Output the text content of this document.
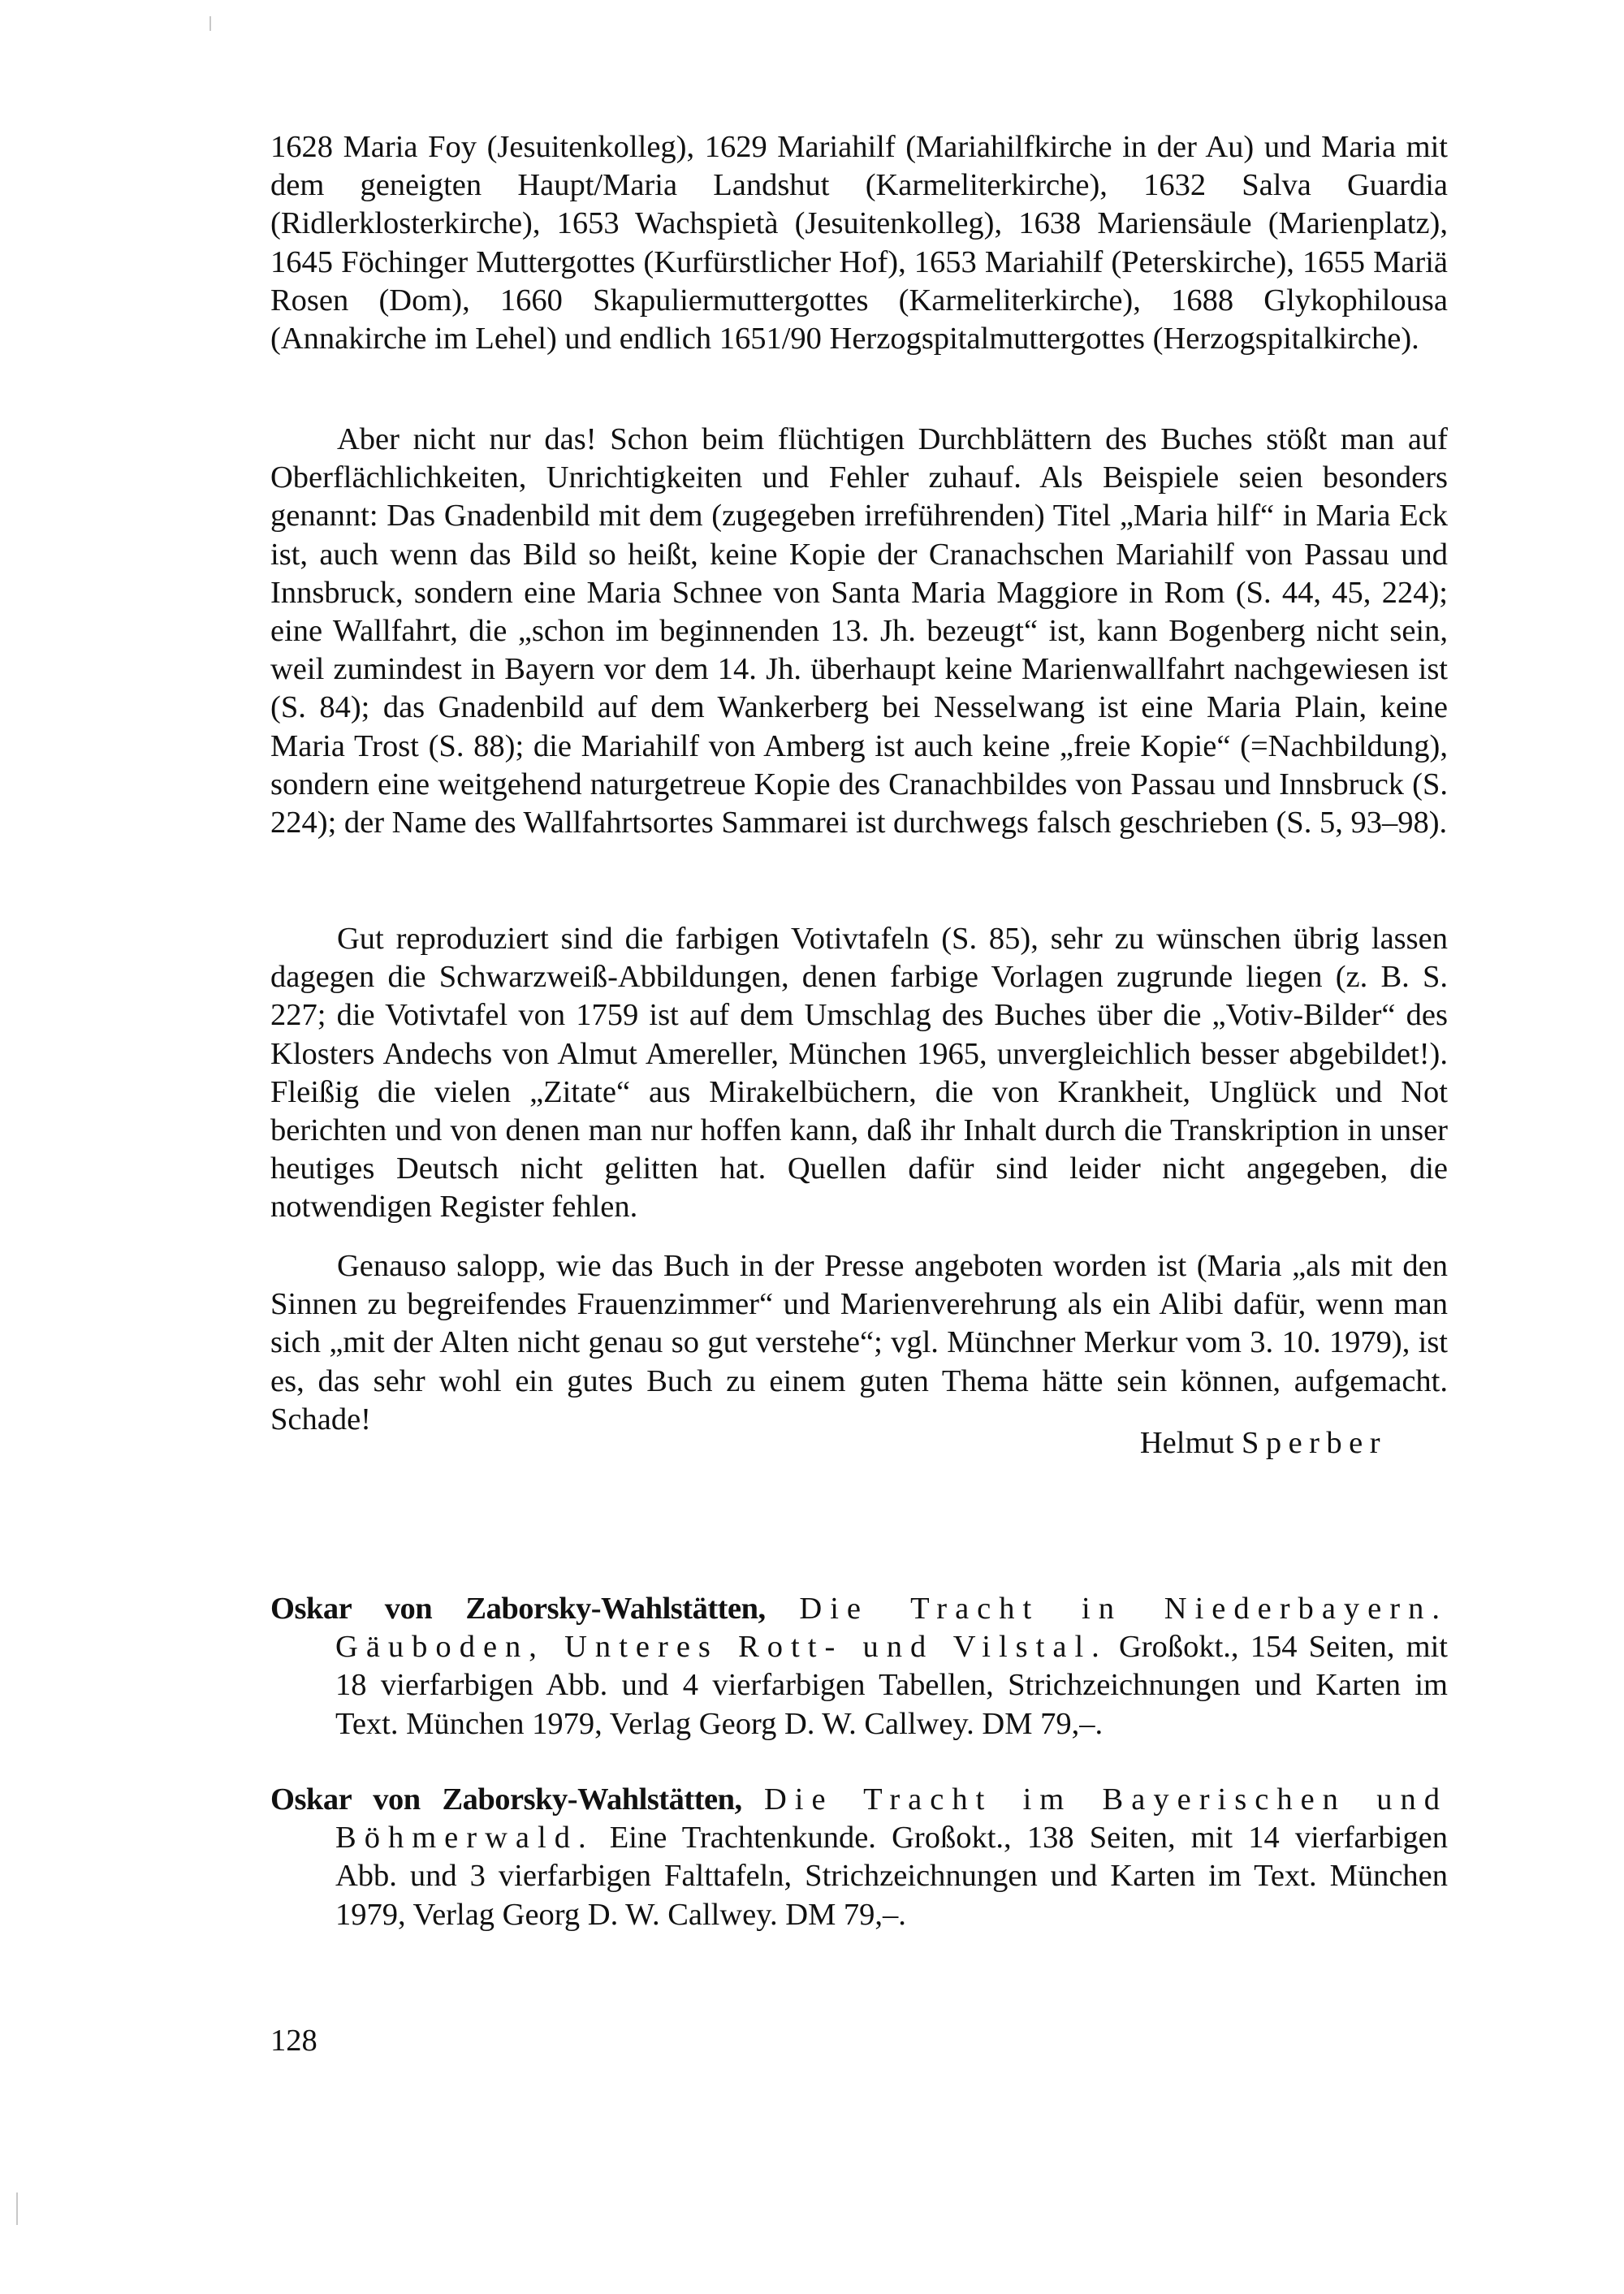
1628 Maria Foy (Jesuitenkolleg), 1629 Mariahilf (Mariahilfkirche in der Au) und Maria mit dem geneigten Haupt/Maria Landshut (Karmeliterkirche), 1632 Salva Guardia (Ridlerklosterkirche), 1653 Wachspietà (Jesuitenkolleg), 1638 Mariensäule (Marienplatz), 1645 Föchinger Muttergottes (Kurfürstlicher Hof), 1653 Mariahilf (Peterskirche), 1655 Mariä Rosen (Dom), 1660 Skapuliermuttergottes (Karmeliterkirche), 1688 Glykophilousa (Annakirche im Lehel) und endlich 1651/90 Herzogspitalmuttergottes (Herzogspitalkirche).

Aber nicht nur das! Schon beim flüchtigen Durchblättern des Buches stößt man auf Oberflächlichkeiten, Unrichtigkeiten und Fehler zuhauf. Als Beispiele seien besonders genannt: Das Gnadenbild mit dem (zugegeben irreführenden) Titel „Maria hilf“ in Maria Eck ist, auch wenn das Bild so heißt, keine Kopie der Cranachschen Mariahilf von Passau und Innsbruck, sondern eine Maria Schnee von Santa Maria Maggiore in Rom (S. 44, 45, 224); eine Wallfahrt, die „schon im beginnenden 13. Jh. bezeugt“ ist, kann Bogenberg nicht sein, weil zumindest in Bayern vor dem 14. Jh. überhaupt keine Marienwallfahrt nachgewiesen ist (S. 84); das Gnadenbild auf dem Wankerberg bei Nesselwang ist eine Maria Plain, keine Maria Trost (S. 88); die Mariahilf von Amberg ist auch keine „freie Kopie“ (=Nachbildung), sondern eine weitgehend naturgetreue Kopie des Cranachbildes von Passau und Innsbruck (S. 224); der Name des Wallfahrtsortes Sammarei ist durchwegs falsch geschrieben (S. 5, 93–98).

Gut reproduziert sind die farbigen Votivtafeln (S. 85), sehr zu wünschen übrig lassen dagegen die Schwarzweiß-Abbildungen, denen farbige Vorlagen zugrunde liegen (z. B. S. 227; die Votivtafel von 1759 ist auf dem Umschlag des Buches über die „Votiv-Bilder“ des Klosters Andechs von Almut Amereller, München 1965, unvergleichlich besser abgebildet!). Fleißig die vielen „Zitate“ aus Mirakelbüchern, die von Krankheit, Unglück und Not berichten und von denen man nur hoffen kann, daß ihr Inhalt durch die Transkription in unser heutiges Deutsch nicht gelitten hat. Quellen dafür sind leider nicht angegeben, die notwendigen Register fehlen.

Genauso salopp, wie das Buch in der Presse angeboten worden ist (Maria „als mit den Sinnen zu begreifendes Frauenzimmer“ und Marienverehrung als ein Alibi dafür, wenn man sich „mit der Alten nicht genau so gut verstehe“; vgl. Münchner Merkur vom 3. 10. 1979), ist es, das sehr wohl ein gutes Buch zu einem guten Thema hätte sein können, aufgemacht. Schade!

Helmut Sperber
Oskar von Zaborsky-Wahlstätten, Die Tracht in Niederbayern. Gäuboden, Unteres Rott- und Vilstal. Großokt., 154 Seiten, mit 18 vierfarbigen Abb. und 4 vierfarbigen Tabellen, Strichzeichnungen und Karten im Text. München 1979, Verlag Georg D. W. Callwey. DM 79,–.
Oskar von Zaborsky-Wahlstätten, Die Tracht im Bayerischen und Böhmerwald. Eine Trachtenkunde. Großokt., 138 Seiten, mit 14 vierfarbigen Abb. und 3 vierfarbigen Falttafeln, Strichzeichnungen und Karten im Text. München 1979, Verlag Georg D. W. Callwey. DM 79,–.
128
